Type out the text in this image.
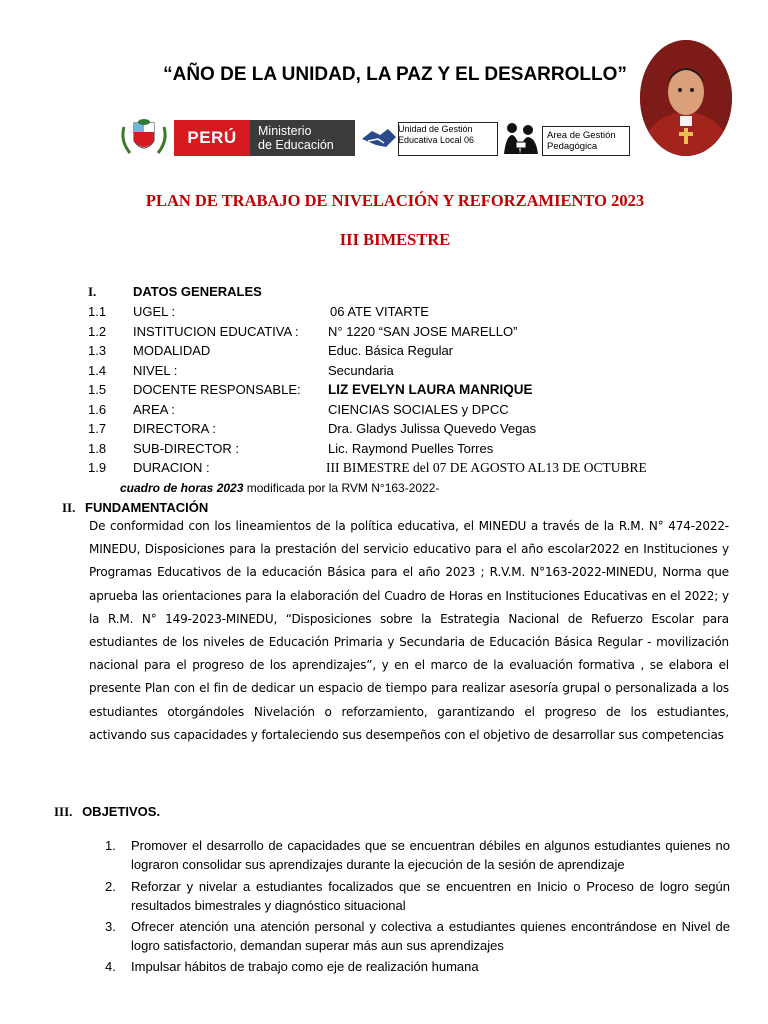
“AÑO DE LA UNIDAD, LA PAZ Y EL DESARROLLO”
PERÚ	Ministerio
de Educación
Unidad de Gestión
Educativa Local 06	Area de Gestión
Pedagógica
PLAN DE TRABAJO DE NIVELACIÓN Y REFORZAMIENTO 2023
III BIMESTRE
I.	DATOS GENERALES
1.1 UGEL :	06 ATE VITARTE
1.2 INSTITUCION EDUCATIVA : N° 1220 “SAN JOSE MARELLO”
1.3 MODALIDAD	Educ. Básica Regular
1.4 NIVEL :	Secundaria
1.5 DOCENTE RESPONSABLE: LIZ EVELYN LAURA MANRIQUE
1.6 AREA :	CIENCIAS SOCIALES y DPCC
1.7 DIRECTORA :	Dra. Gladys Julissa Quevedo Vegas
1.8 SUB-DIRECTOR :	Lic. Raymond Puelles Torres
1.9 DURACION :	III BIMESTRE del 07 DE AGOSTO AL13 DE OCTUBRE
cuadro de horas 2023 modificada por la RVM N°163-2022-
II. FUNDAMENTACIÓN
De conformidad con los lineamientos de la política educativa, el MINEDU a través de la R.M. N° 474-2022-MINEDU, Disposiciones para la prestación del servicio educativo para el año escolar2022 en Instituciones y Programas Educativos de la educación Básica para el año 2023 ; R.V.M. N°163-2022-MINEDU, Norma que aprueba las orientaciones para la elaboración del Cuadro de Horas en Instituciones Educativas en el 2022; y la R.M. N° 149-2023-MINEDU, “Disposiciones sobre la Estrategia Nacional de Refuerzo Escolar para estudiantes de los niveles de Educación Primaria y Secundaria de Educación Básica Regular - movilización nacional para el progreso de los aprendizajes”, y en el marco de la evaluación formativa , se elabora el presente Plan con el fin de dedicar un espacio de tiempo para realizar asesoría grupal o personalizada a los estudiantes otorgándoles Nivelación o reforzamiento, garantizando el progreso de los estudiantes, activando sus capacidades y fortaleciendo sus desempeños con el objetivo de desarrollar sus competencias
III. OBJETIVOS.
1. Promover el desarrollo de capacidades que se encuentran débiles en algunos estudiantes quienes no lograron consolidar sus aprendizajes durante la ejecución de la sesión de aprendizaje
2. Reforzar y nivelar a estudiantes focalizados que se encuentren en Inicio o Proceso de logro según resultados bimestrales y diagnóstico situacional
3. Ofrecer atención una atención personal y colectiva a estudiantes quienes encontrándose en Nivel de logro satisfactorio, demandan superar más aun sus aprendizajes
4. Impulsar hábitos de trabajo como eje de realización humana
